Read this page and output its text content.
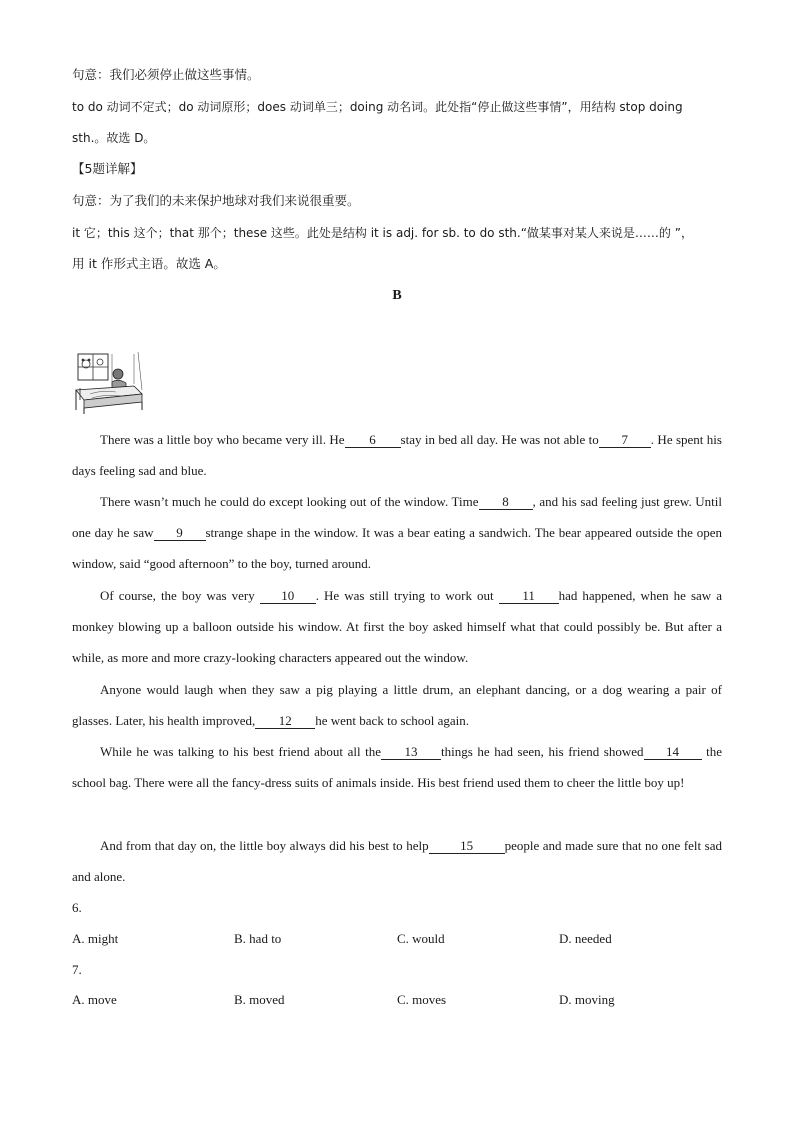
句意：我们必须停止做这些事情。
to do 动词不定式；do 动词原形；does 动词单三；doing 动名词。此处指“停止做这些事情”，用结构 stop doing
sth.。故选 D。
【5题详解】
句意：为了我们的未来保护地球对我们来说很重要。
it 它；this 这个；that 那个；these 这些。此处是结构 it is adj. for sb. to do sth.“做某事对某人来说是……的 ”，
用 it 作形式主语。故选 A。
B
There was a little boy who became very ill. He 6 stay in bed all day. He was not able to 7 . He spent his days feeling sad and blue.
There wasn’t much he could do except looking out of the window. Time 8 , and his sad feeling just grew. Until one day he saw 9 strange shape in the window. It was a bear eating a sandwich. The bear appeared outside the open window, said “good afternoon” to the boy, turned around.
Of course, the boy was very 10 . He was still trying to work out 11 had happened, when he saw a monkey blowing up a balloon outside his window. At first the boy asked himself what that could possibly be. But after a while, as more and more crazy-looking characters appeared out the window.
Anyone would laugh when they saw a pig playing a little drum, an elephant dancing, or a dog wearing a pair of glasses. Later, his health improved, 12 he went back to school again.
While he was talking to his best friend about all the 13 things he had seen, his friend showed 14 the school bag. There were all the fancy-dress suits of animals inside. His best friend used them to cheer the little boy up!
And from that day on, the little boy always did his best to help 15 people and made sure that no one felt sad and alone.
6.
A. might	B. had to	C. would	D. needed
7.
A. move	B. moved	C. moves	D. moving
